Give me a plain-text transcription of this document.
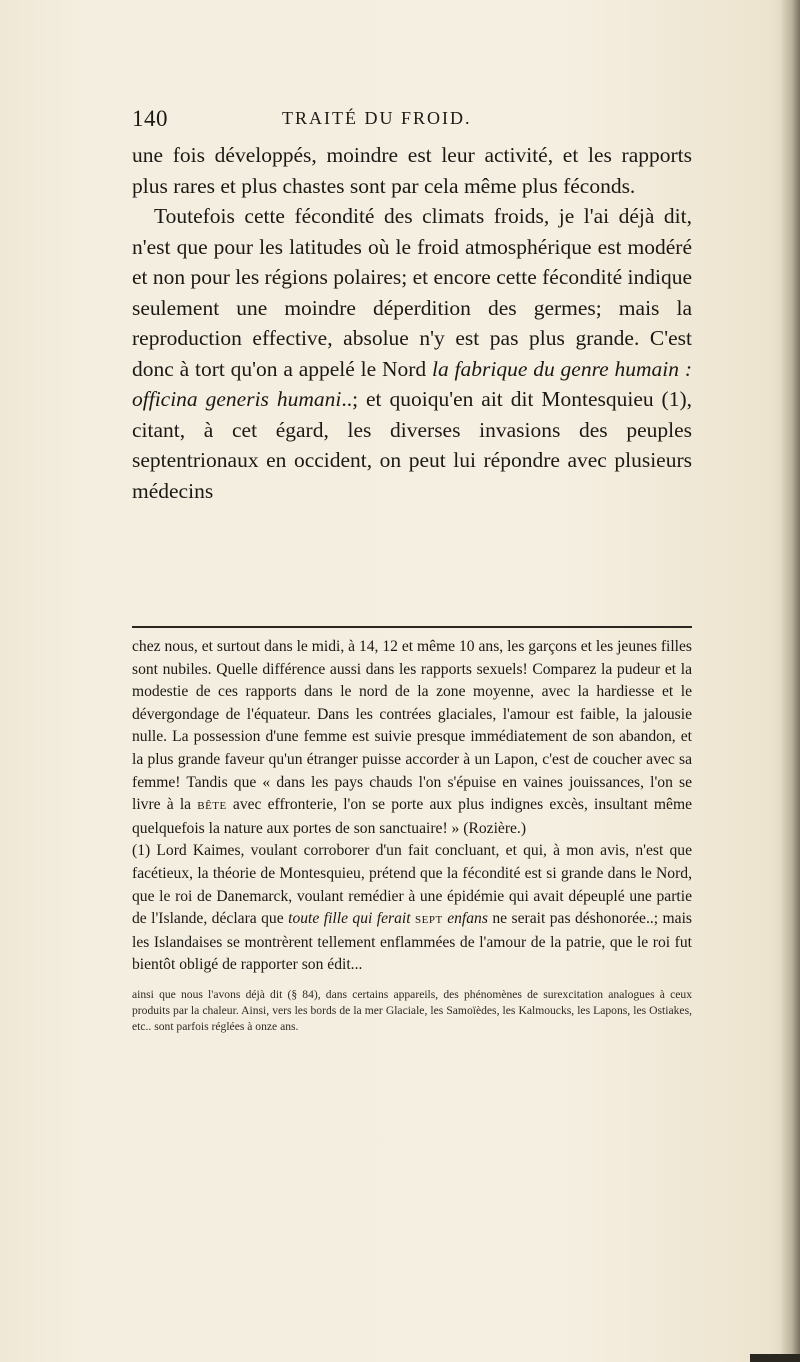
140	TRAITÉ DU FROID.

une fois développés, moindre est leur activité, et les rapports plus rares et plus chastes sont par cela même plus féconds.

Toutefois cette fécondité des climats froids, je l'ai déjà dit, n'est que pour les latitudes où le froid atmosphérique est modéré et non pour les régions polaires; et encore cette fécondité indique seulement une moindre déperdition des germes; mais la reproduction effective, absolue n'y est pas plus grande. C'est donc à tort qu'on a appelé le Nord la fabrique du genre humain : officina generis humani..; et quoiqu'en ait dit Montesquieu (1), citant, à cet égard, les diverses invasions des peuples septentrionaux en occident, on peut lui répondre avec plusieurs médecins

chez nous, et surtout dans le midi, à 14, 12 et même 10 ans, les garçons et les jeunes filles sont nubiles. Quelle différence aussi dans les rapports sexuels! Comparez la pudeur et la modestie de ces rapports dans le nord de la zone moyenne, avec la hardiesse et le dévergondage de l'équateur. Dans les contrées glaciales, l'amour est faible, la jalousie nulle. La possession d'une femme est suivie presque immédiatement de son abandon, et la plus grande faveur qu'un étranger puisse accorder à un Lapon, c'est de coucher avec sa femme! Tandis que « dans les pays chauds l'on s'épuise en vaines jouissances, l'on se livre à la BÊTE avec effronterie, l'on se porte aux plus indignes excès, insultant même quelquefois la nature aux portes de son sanctuaire! » (Rozière.)

(1) Lord Kaimes, voulant corroborer d'un fait concluant, et qui, à mon avis, n'est que facétieux, la théorie de Montesquieu, prétend que la fécondité est si grande dans le Nord, que le roi de Danemarck, voulant remédier à une épidémie qui avait dépeuplé une partie de l'Islande, déclara que toute fille qui ferait SEPT enfans ne serait pas déshonorée..; mais les Islandaises se montrèrent tellement enflammées de l'amour de la patrie, que le roi fut bientôt obligé de rapporter son édit...

ainsi que nous l'avons déjà dit (§ 84), dans certains appareils, des phénomènes de surexcitation analogues à ceux produits par la chaleur. Ainsi, vers les bords de la mer Glaciale, les Samoïèdes, les Kalmoucks, les Lapons, les Ostiakes, etc.. sont parfois réglées à onze ans.
